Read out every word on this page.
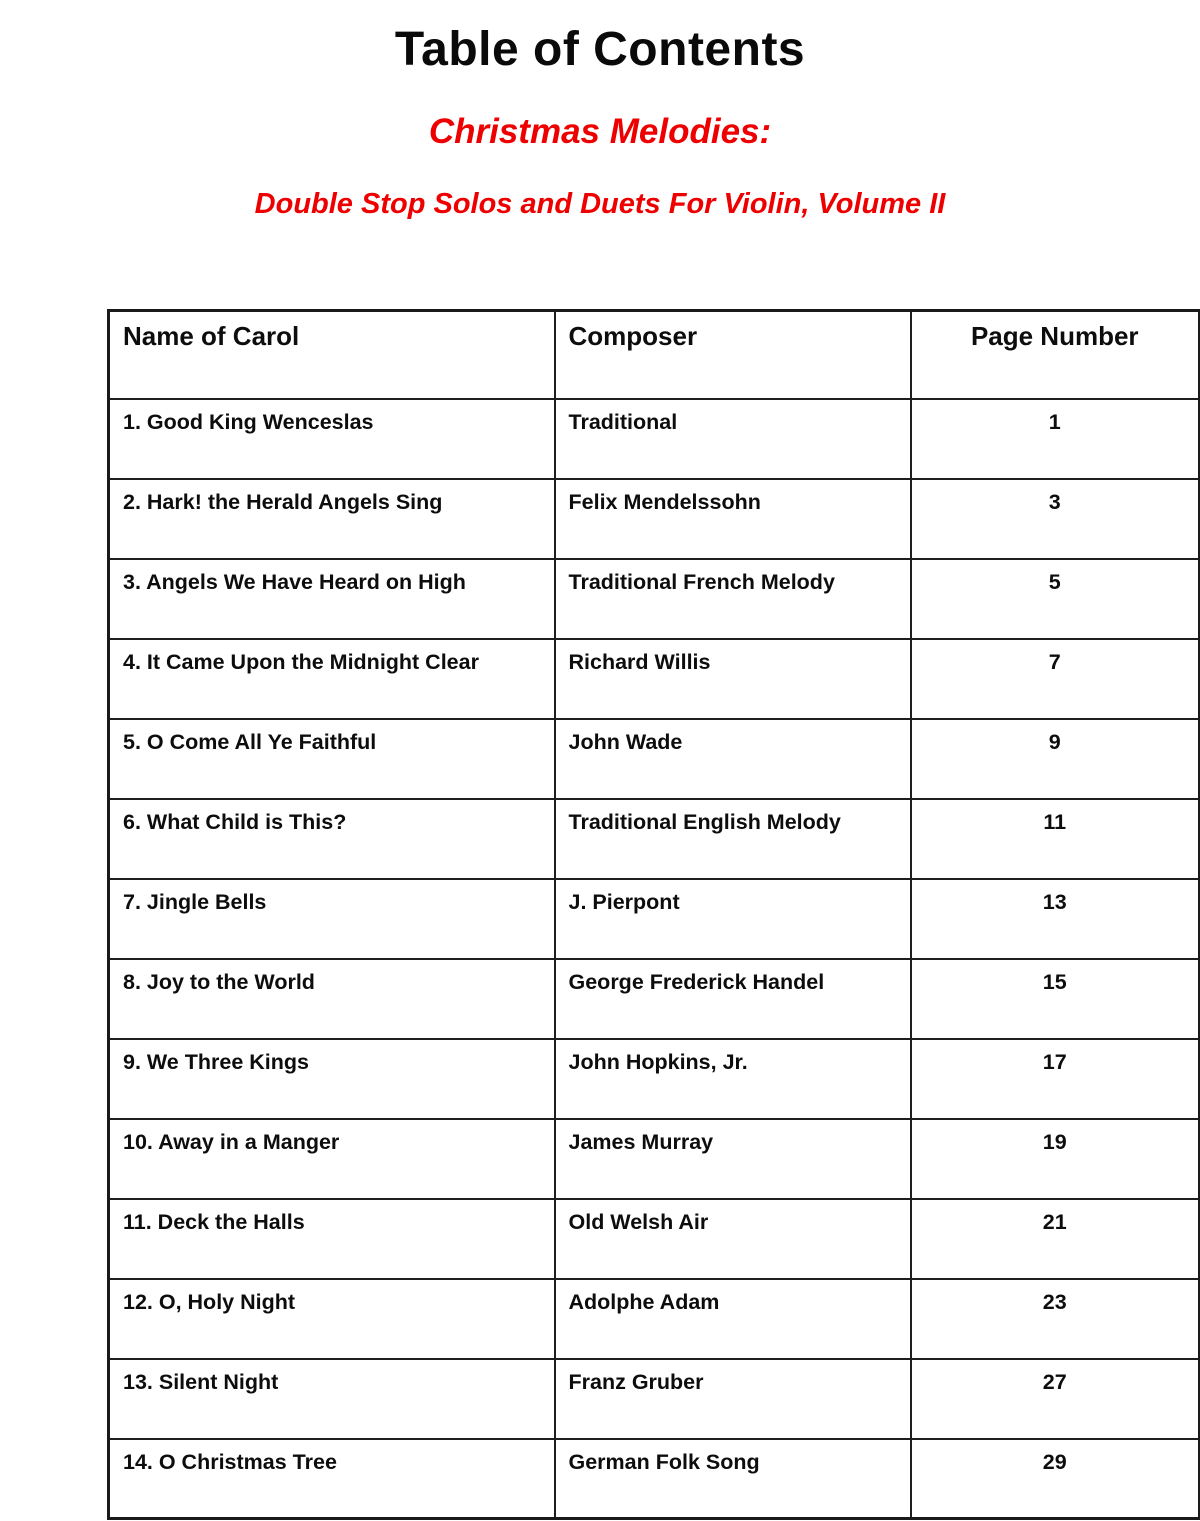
Table of Contents
Christmas Melodies:
Double Stop Solos and Duets For Violin, Volume II
Name of Carol	Composer	Page Number
1. Good King Wenceslas	Traditional	1
2. Hark! the Herald Angels Sing	Felix Mendelssohn	3
3. Angels We Have Heard on High	Traditional French Melody	5
4. It Came Upon the Midnight Clear	Richard Willis	7
5. O Come All Ye Faithful	John Wade	9
6. What Child is This?	Traditional English Melody	11
7. Jingle Bells	J. Pierpont	13
8. Joy to the World	George Frederick Handel	15
9. We Three Kings	John Hopkins, Jr.	17
10. Away in a Manger	James Murray	19
11. Deck the Halls	Old Welsh Air	21
12. O, Holy Night	Adolphe Adam	23
13. Silent Night	Franz Gruber	27
14. O Christmas Tree	German Folk Song	29
